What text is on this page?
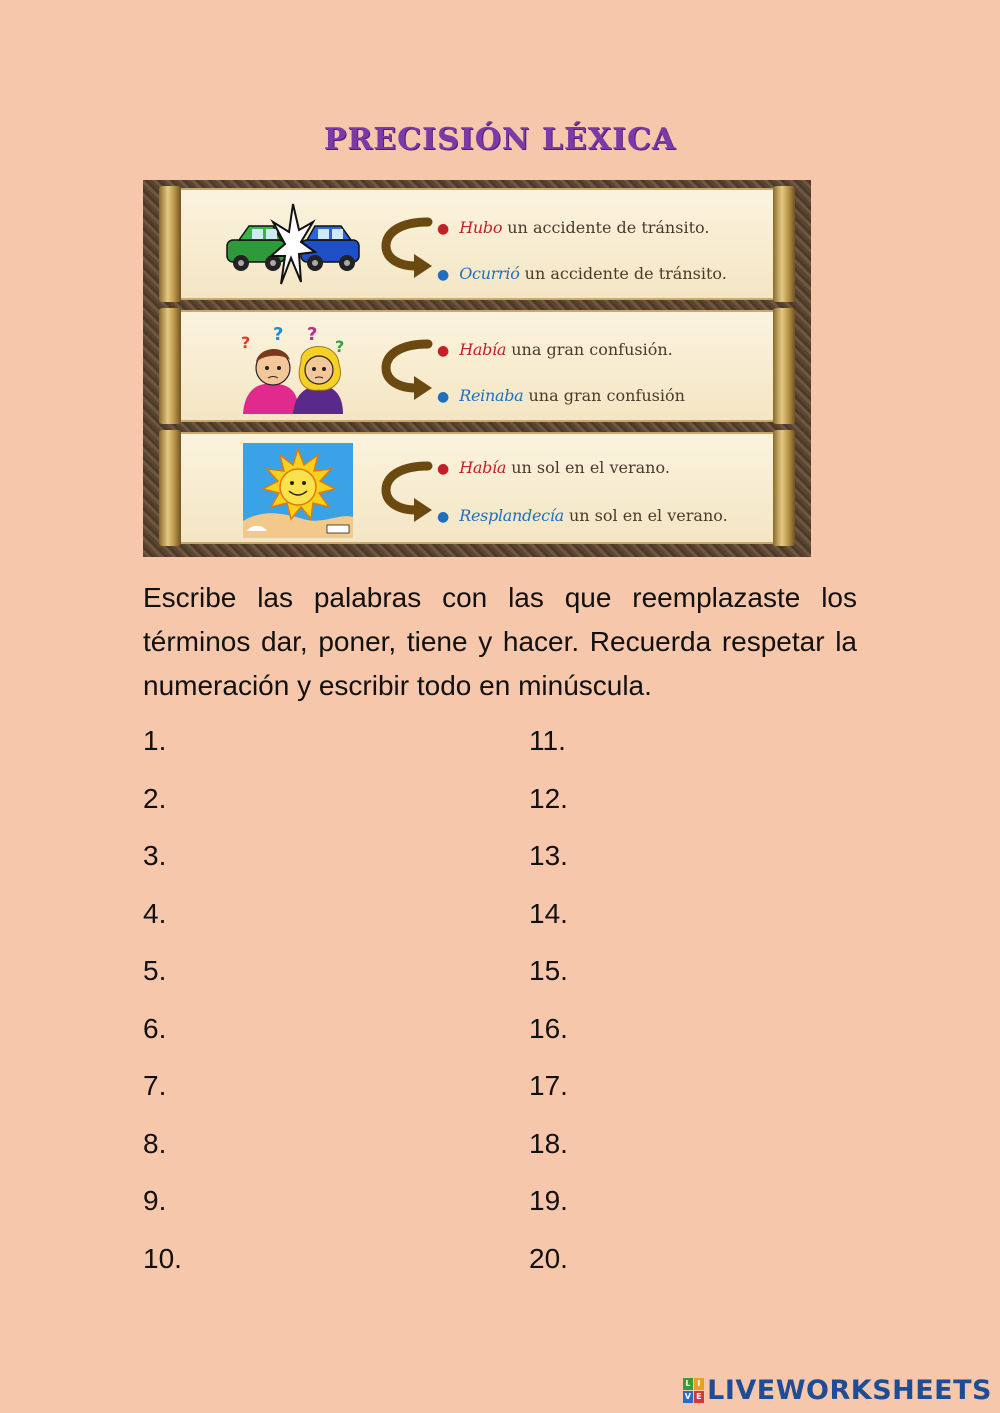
PRECISIÓN LÉXICA
● Hubo un accidente de tránsito.
● Ocurrió un accidente de tránsito.
? ? ?
?	● Había una gran confusión.
● Reinaba una gran confusión
● Había un sol en el verano.
● Resplandecía un sol en el verano.

Escribe las palabras con las que reemplazaste los términos dar, poner, tiene y hacer. Recuerda respetar la numeración y escribir todo en minúscula.

1.
2.
3.
4.
5.
6.
7.
8.
9.
10.
11.
12.
13.
14.
15.
16.
17.
18.
19.
20.
L I
V E LIVEWORKSHEETS
